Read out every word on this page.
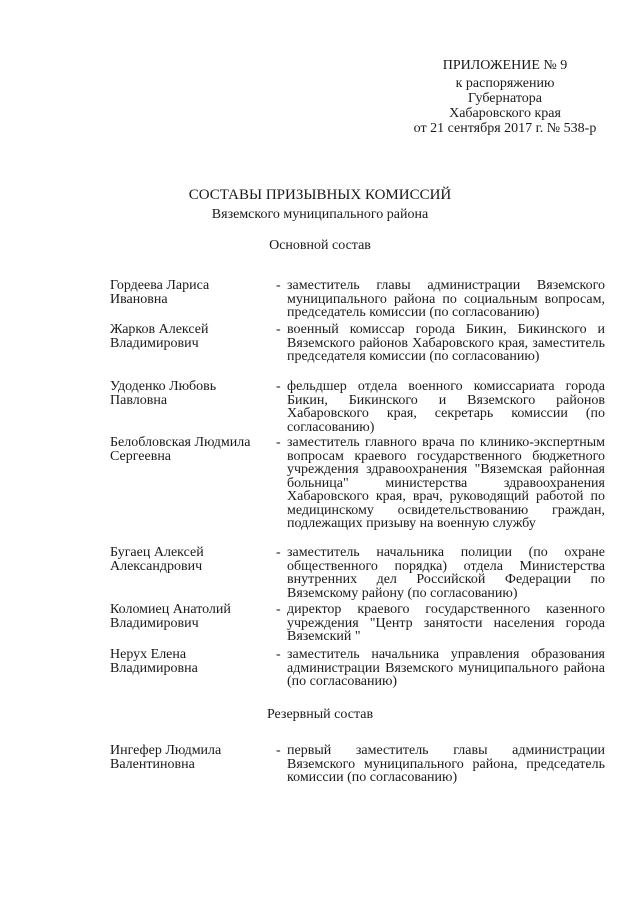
ПРИЛОЖЕНИЕ № 9
к распоряжению
Губернатора
Хабаровского края
от 21 сентября 2017 г. № 538-р
СОСТАВЫ ПРИЗЫВНЫХ КОМИССИЙ
Вяземского муниципального района
Основной состав
Гордеева Лариса Ивановна
- заместитель главы администрации Вяземского муниципального района по социальным вопросам, председатель комиссии (по согласованию)
Жарков Алексей Владимирович
- военный комиссар города Бикин, Бикинского и Вяземского районов Хабаровского края, заместитель председателя комиссии (по согласованию)
Удоденко Любовь Павловна
- фельдшер отдела военного комиссариата города Бикин, Бикинского и Вяземского районов Хабаровского края, секретарь комиссии (по согласованию)
Белобловская Людмила Сергеевна
- заместитель главного врача по клинико-экспертным вопросам краевого государственного бюджетного учреждения здравоохранения "Вяземская районная больница" министерства здравоохранения Хабаровского края, врач, руководящий работой по медицинскому освидетельствованию граждан, подлежащих призыву на военную службу
Бугаец Алексей Александрович
- заместитель начальника полиции (по охране общественного порядка) отдела Министерства внутренних дел Российской Федерации по Вяземскому району (по согласованию)
Коломиец Анатолий Владимирович
- директор краевого государственного казенного учреждения "Центр занятости населения города Вяземский "
Нерух Елена Владимировна
- заместитель начальника управления образования администрации Вяземского муниципального района (по согласованию)
Резервный состав
Ингефер Людмила Валентиновна
- первый заместитель главы администрации Вяземского муниципального района, председатель комиссии (по согласованию)
